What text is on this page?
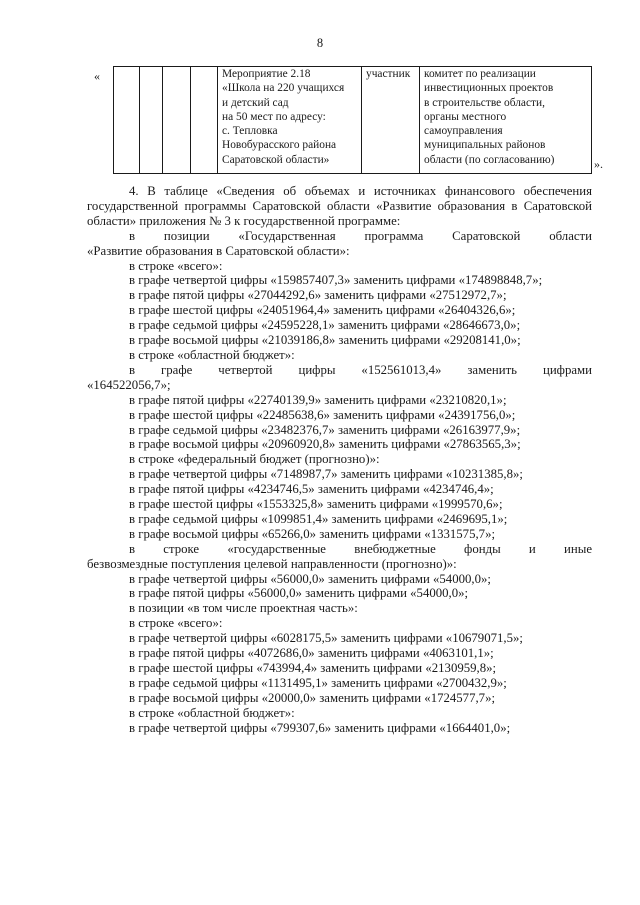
8
«
					Мероприятие 2.18
«Школа на 220 учащихся
и детский сад
на 50 мест по адресу:
с. Тепловка
Новобурасского района
Саратовской области»

участник	комитет по реализации
инвестиционных проектов
в строительстве области,
органы местного
самоуправления
муниципальных районов
области (по согласованию)	».

4. В таблице «Сведения об объемах и источниках финансового обеспечения государственной программы Саратовской области «Развитие образования в Саратовской области» приложения № 3 к государственной программе:

в позиции «Государственная программа Саратовской области

«Развитие образования в Саратовской области»:

в строке «всего»:

в графе четвертой цифры «159857407,3» заменить цифрами «174898848,7»;

в графе пятой цифры «27044292,6» заменить цифрами «27512972,7»;

в графе шестой цифры «24051964,4» заменить цифрами «26404326,6»;

в графе седьмой цифры «24595228,1» заменить цифрами «28646673,0»;

в графе восьмой цифры «21039186,8» заменить цифрами «29208141,0»;

в строке «областной бюджет»:

в графе четвертой цифры «152561013,4» заменить цифрами

«164522056,7»;

в графе пятой цифры «22740139,9» заменить цифрами «23210820,1»;

в графе шестой цифры «22485638,6» заменить цифрами «24391756,0»;

в графе седьмой цифры «23482376,7» заменить цифрами «26163977,9»;

в графе восьмой цифры «20960920,8» заменить цифрами «27863565,3»;

в строке «федеральный бюджет (прогнозно)»:

в графе четвертой цифры «7148987,7» заменить цифрами «10231385,8»;

в графе пятой цифры «4234746,5» заменить цифрами «4234746,4»;

в графе шестой цифры «1553325,8» заменить цифрами «1999570,6»;

в графе седьмой цифры «1099851,4» заменить цифрами «2469695,1»;

в графе восьмой цифры «65266,0» заменить цифрами «1331575,7»;

в строке «государственные внебюджетные фонды и иные

безвозмездные поступления целевой направленности (прогнозно)»:

в графе четвертой цифры «56000,0» заменить цифрами «54000,0»;

в графе пятой цифры «56000,0» заменить цифрами «54000,0»;

в позиции «в том числе проектная часть»:

в строке «всего»:

в графе четвертой цифры «6028175,5» заменить цифрами «10679071,5»;

в графе пятой цифры «4072686,0» заменить цифрами «4063101,1»;

в графе шестой цифры «743994,4» заменить цифрами «2130959,8»;

в графе седьмой цифры «1131495,1» заменить цифрами «2700432,9»;

в графе восьмой цифры «20000,0» заменить цифрами «1724577,7»;

в строке «областной бюджет»:

в графе четвертой цифры «799307,6» заменить цифрами «1664401,0»;
